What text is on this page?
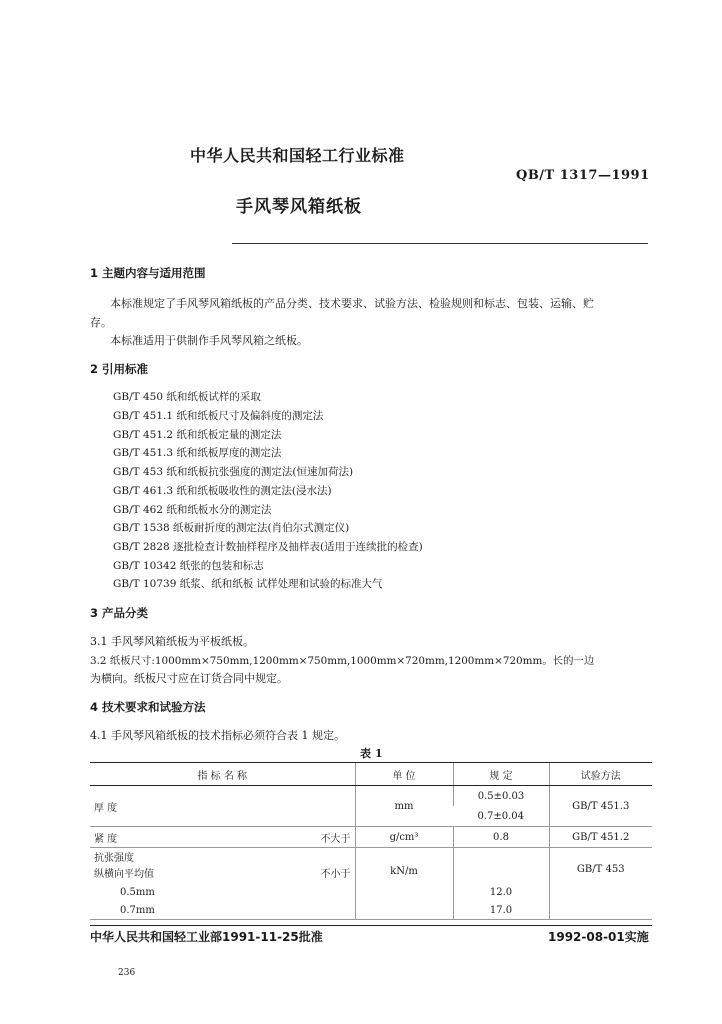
中华人民共和国轻工行业标准
QB/T 1317—1991
手风琴风箱纸板
1 主题内容与适用范围
本标准规定了手风琴风箱纸板的产品分类、技术要求、试验方法、检验规则和标志、包装、运输、贮
存。
本标准适用于供制作手风琴风箱之纸板。
2 引用标准
GB/T 450 纸和纸板试样的采取
GB/T 451.1 纸和纸板尺寸及偏斜度的测定法
GB/T 451.2 纸和纸板定量的测定法
GB/T 451.3 纸和纸板厚度的测定法
GB/T 453 纸和纸板抗张强度的测定法(恒速加荷法)
GB/T 461.3 纸和纸板吸收性的测定法(浸水法)
GB/T 462 纸和纸板水分的测定法
GB/T 1538 纸板耐折度的测定法(肖伯尔式测定仪)
GB/T 2828 逐批检查计数抽样程序及抽样表(适用于连续批的检查)
GB/T 10342 纸张的包装和标志
GB/T 10739 纸浆、纸和纸板 试样处理和试验的标准大气
3 产品分类
3.1 手风琴风箱纸板为平板纸板。
3.2 纸板尺寸:1000mm×750mm,1200mm×750mm,1000mm×720mm,1200mm×720mm。长的一边
为横向。纸板尺寸应在订货合同中规定。
4 技术要求和试验方法
4.1 手风琴风箱纸板的技术指标必须符合表 1 规定。
表 1
指 标 名 称	单 位	规 定	试验方法
厚 度	mm	0.5±0.03	GB/T 451.3
		0.7±0.04	

紧 度 不大于	g/cm³	0.8	GB/T 451.2

抗张强度
纵横向平均值 不小于	kN/m		GB/T 453
0.5mm		12.0	
0.7mm		17.0	
中华人民共和国轻工业部1991-11-25批准	1992-08-01实施
236
